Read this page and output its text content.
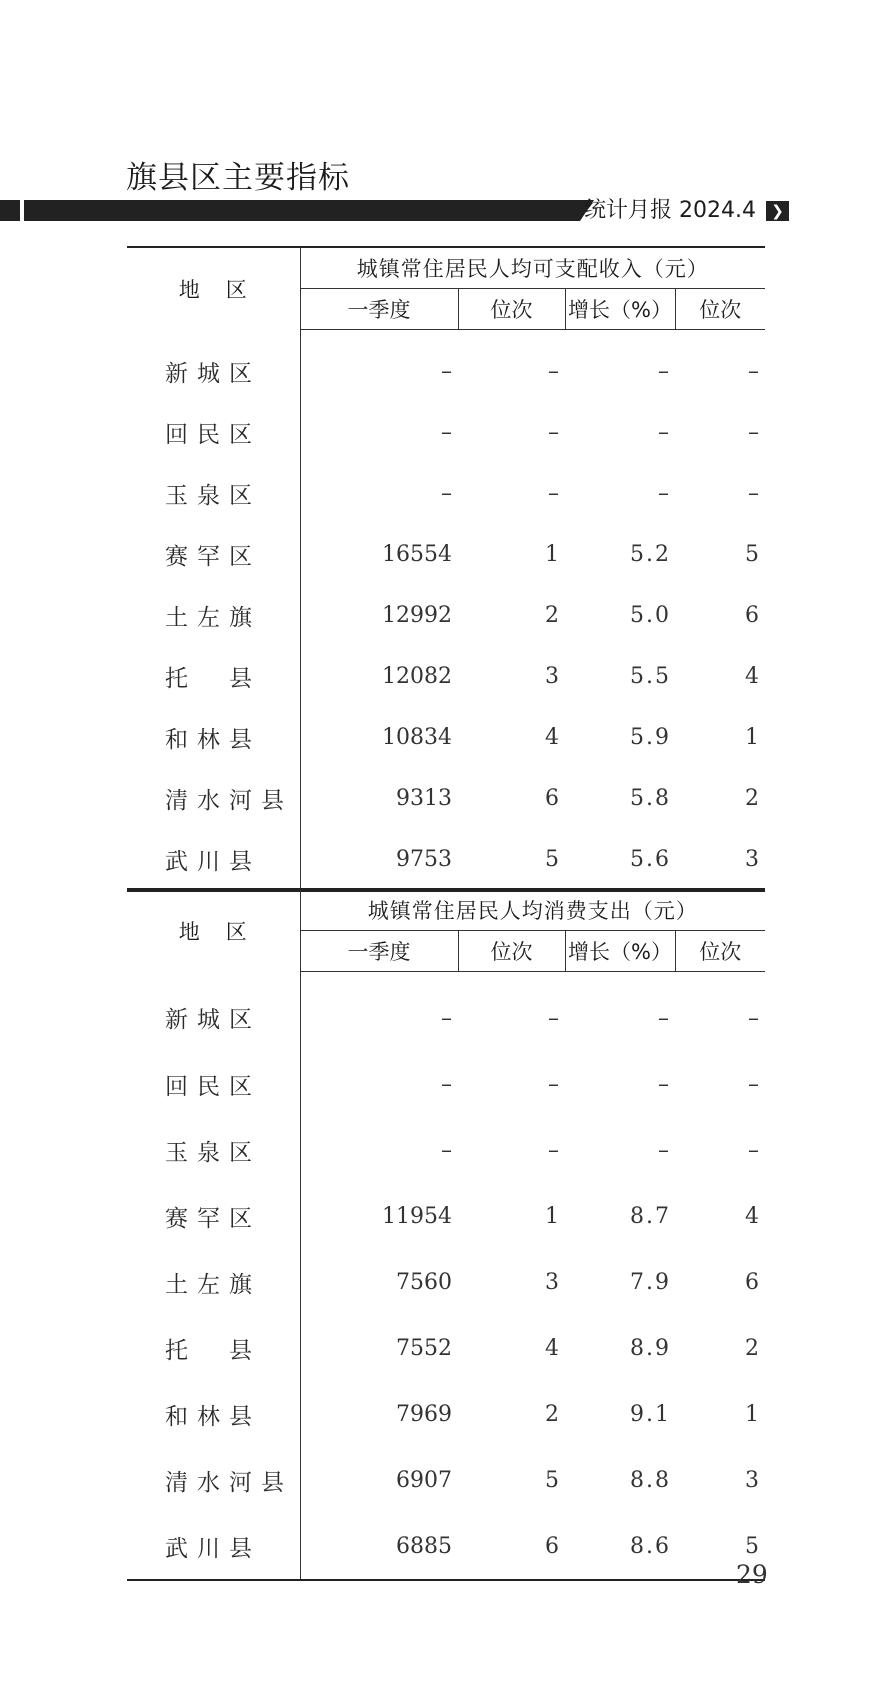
旗县区主要指标
统计月报 2024.4	❯
地区	城镇常住居民人均可支配收入（元）			
	一季度	位次	增长（%）	位次
新城区	–	–	–	–
回民区	–	–	–	–
玉泉区	–	–	–	–
赛罕区	16554	1	5.2	5
土左旗	12992	2	5.0	6
托　县	12082	3	5.5	4
和林县	10834	4	5.9	1
清水河县	9313	6	5.8	2
武川县	9753	5	5.6	3
地区	城镇常住居民人均消费支出（元）			
	一季度	位次	增长（%）	位次
新城区	–	–	–	–
回民区	–	–	–	–
玉泉区	–	–	–	–
赛罕区	11954	1	8.7	4
土左旗	7560	3	7.9	6
托　县	7552	4	8.9	2
和林县	7969	2	9.1	1
清水河县	6907	5	8.8	3
武川县	6885	6	8.6	5
29
